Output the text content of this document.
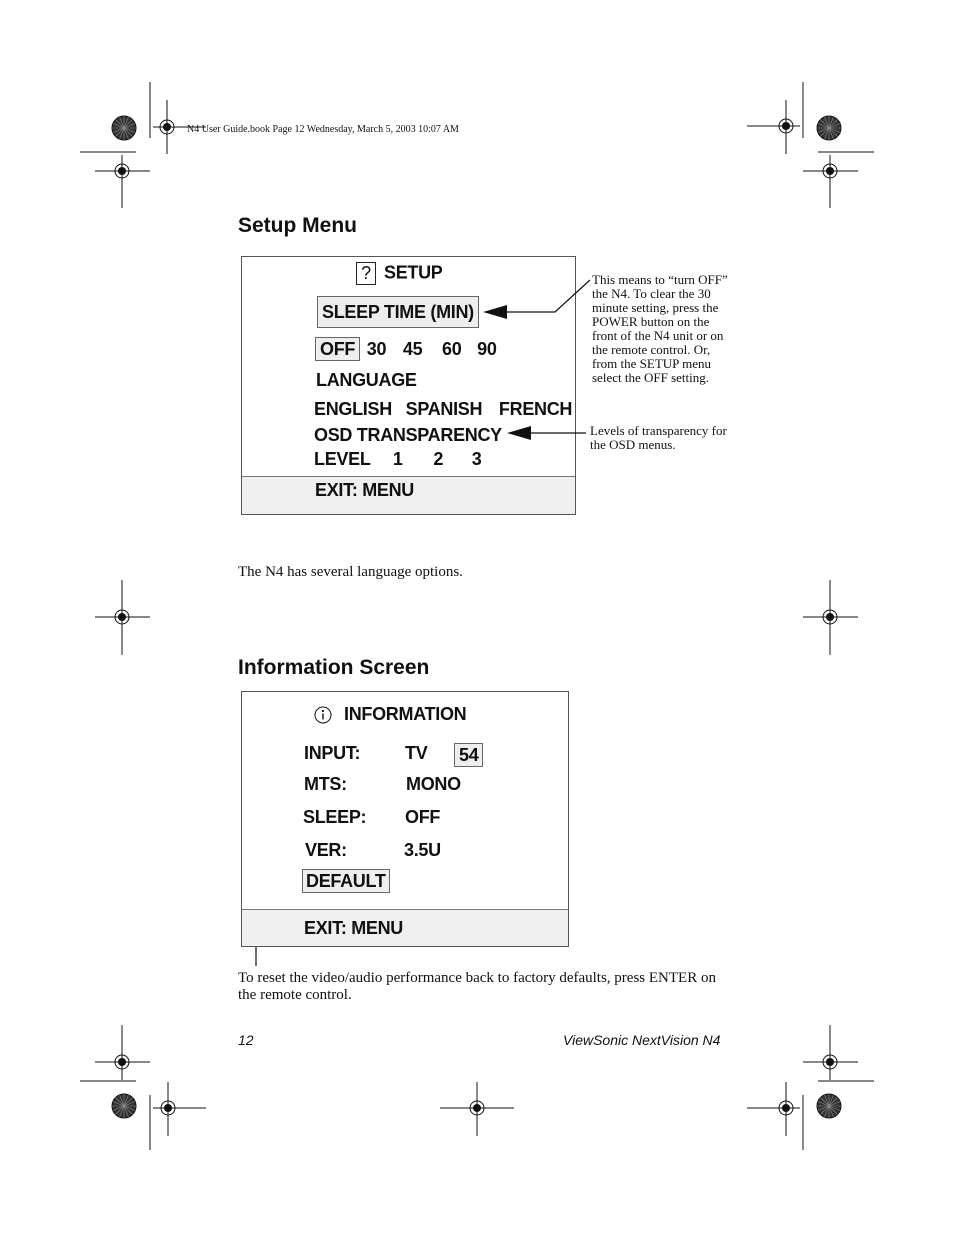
N4 User Guide.book Page 12 Wednesday, March 5, 2003 10:07 AM
Setup Menu
? SETUP
SLEEP TIME (MIN)
OFF 30 45 60 90
LANGUAGE
ENGLISH SPANISH FRENCH
OSD TRANSPARENCY
LEVEL 1 2 3
EXIT: MENU
This means to “turn OFF” the N4. To clear the 30 minute setting, press the POWER button on the front of the N4 unit or on the remote control. Or, from the SETUP menu select the OFF setting.
Levels of transparency for the OSD menus.
The N4 has several language options.
Information Screen
INFORMATION
INPUT: TV 54
MTS:	MONO
SLEEP: OFF
VER:	3.5U
DEFAULT
EXIT: MENU
To reset the video/audio performance back to factory defaults, press ENTER on the remote control.
12	ViewSonic NextVision N4
